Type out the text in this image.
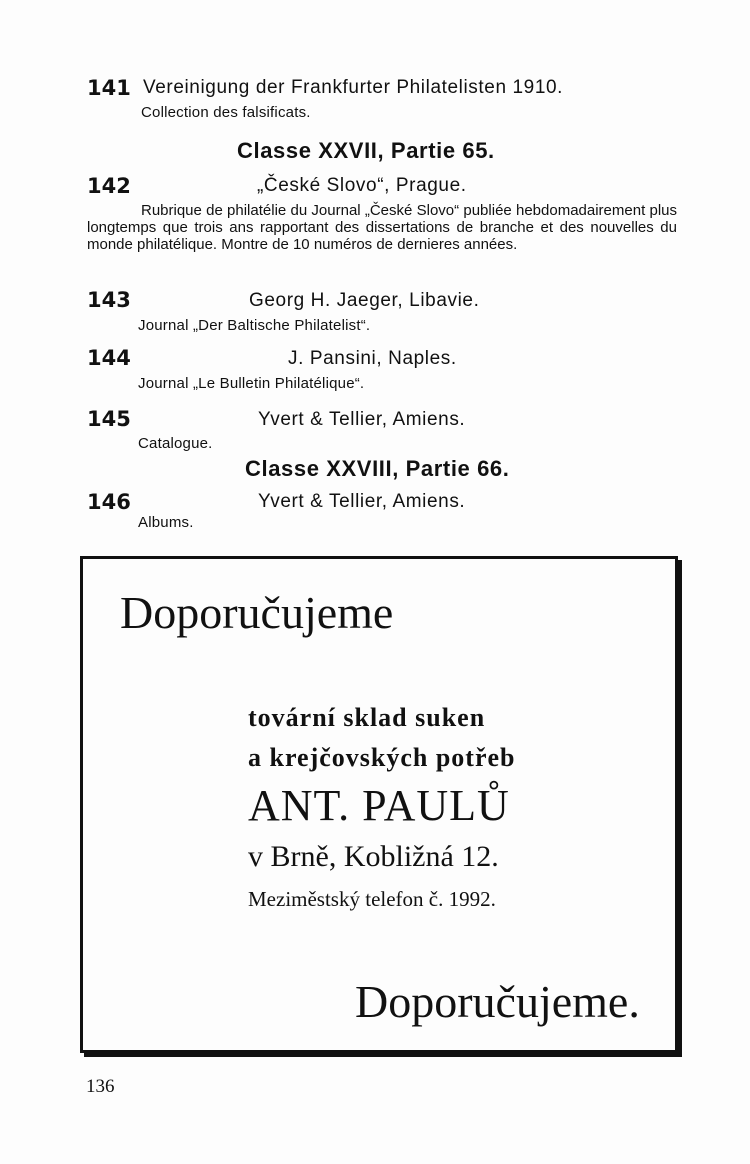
141 Vereinigung der Frankfurter Philatelisten 1910.
Collection des falsificats.
Classe XXVII, Partie 65.
142	„České Slovo“, Prague.
Rubrique de philatélie du Journal „České Slovo“ publiée hebdomadairement plus longtemps que trois ans rapportant des dissertations de branche et des nouvelles du monde philatélique. Montre de 10 numéros de dernieres années.
143	Georg H. Jaeger, Libavie.
Journal „Der Baltische Philatelist“.
144	J. Pansini, Naples.
Journal „Le Bulletin Philatélique“.
145	Yvert & Tellier, Amiens.
Catalogue.
Classe XXVIII, Partie 66.
146	Yvert & Tellier, Amiens.
Albums.
Doporučujeme
tovární sklad suken
a krejčovských potřeb
ANT. PAULŮ
v Brně, Kobližná 12.
Meziměstský telefon č. 1992.
Doporučujeme.
136
